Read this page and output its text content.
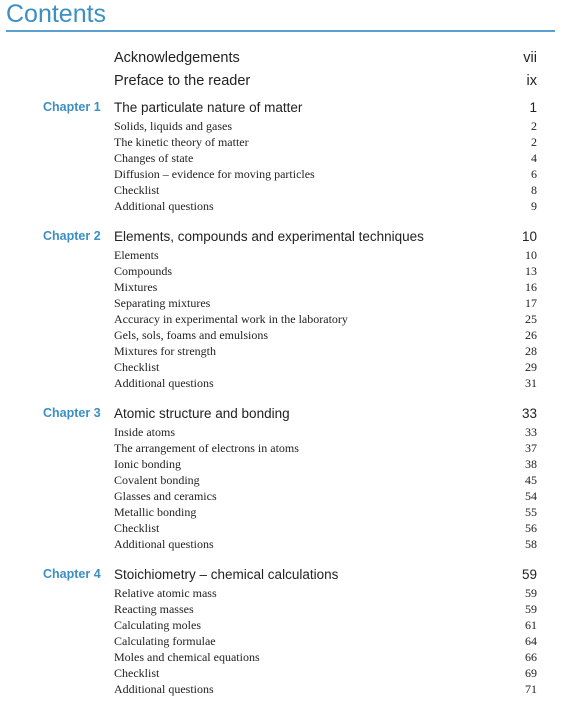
Contents
Acknowledgements	vii
Preface to the reader	ix
Chapter 1 The particulate nature of matter	1
Solids, liquids and gases	2
The kinetic theory of matter	2
Changes of state	4
Diffusion – evidence for moving particles	6
Checklist	8
Additional questions	9
Chapter 2 Elements, compounds and experimental techniques	10
Elements	10
Compounds	13
Mixtures	16
Separating mixtures	17
Accuracy in experimental work in the laboratory	25
Gels, sols, foams and emulsions	26
Mixtures for strength	28
Checklist	29
Additional questions	31
Chapter 3 Atomic structure and bonding	33
Inside atoms	33
The arrangement of electrons in atoms	37
Ionic bonding	38
Covalent bonding	45
Glasses and ceramics	54
Metallic bonding	55
Checklist	56
Additional questions	58
Chapter 4 Stoichiometry – chemical calculations	59
Relative atomic mass	59
Reacting masses	59
Calculating moles	61
Calculating formulae	64
Moles and chemical equations	66
Checklist	69
Additional questions	71
